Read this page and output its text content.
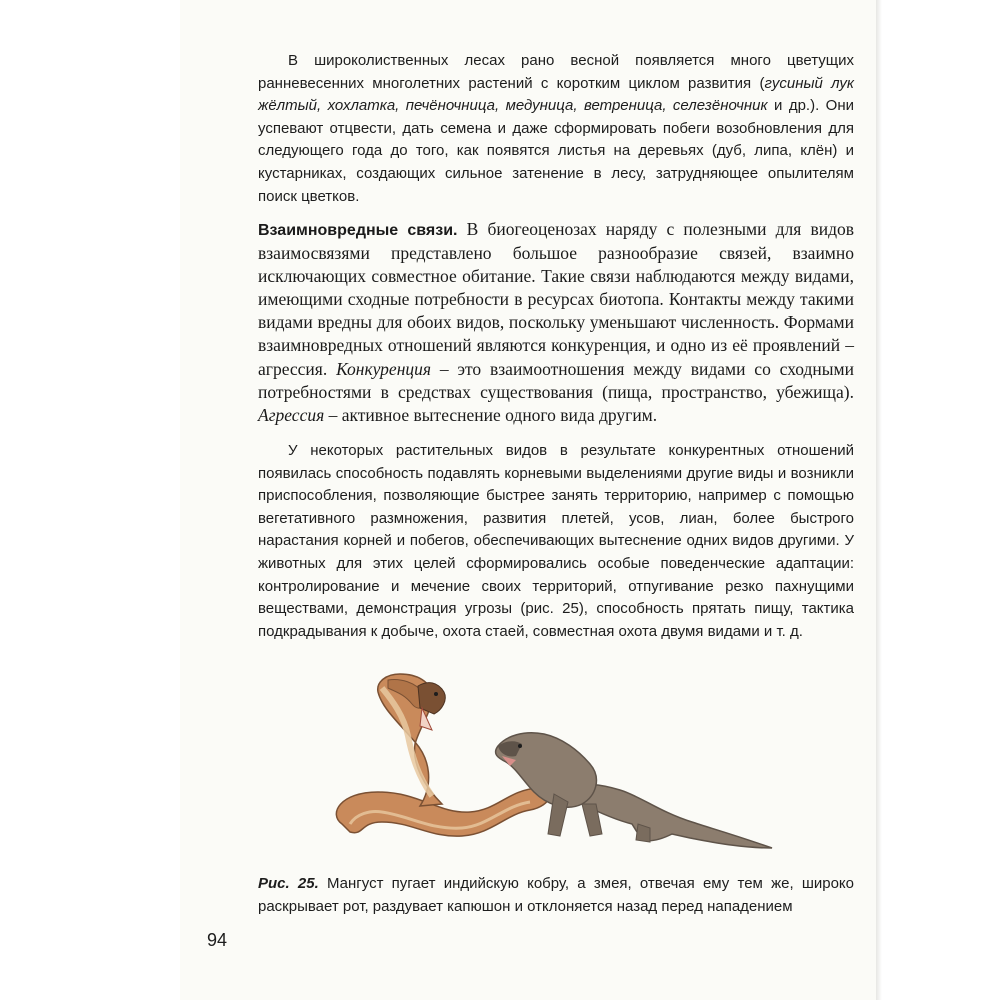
В широколиственных лесах рано весной появляется много цветущих ранневесенних многолетних растений с коротким циклом развития (гусиный лук жёлтый, хохлатка, печёночница, медуница, ветреница, селезёночник и др.). Они успевают отцвести, дать семена и даже сформировать побеги возобновления для следующего года до того, как появятся листья на деревьях (дуб, липа, клён) и кустарниках, создающих сильное затенение в лесу, затрудняющее опылителям поиск цветков.

Взаимновредные связи. В биогеоценозах наряду с полезными для видов взаимосвязями представлено большое разнообразие связей, взаимно исключающих совместное обитание. Такие связи наблюдаются между видами, имеющими сходные потребности в ресурсах биотопа. Контакты между такими видами вредны для обоих видов, поскольку уменьшают численность. Формами взаимновредных отношений являются конкуренция, и одно из её проявлений – агрессия. Конкуренция – это взаимоотношения между видами со сходными потребностями в средствах существования (пища, пространство, убежища). Агрессия – активное вытеснение одного вида другим.

У некоторых растительных видов в результате конкурентных отношений появилась способность подавлять корневыми выделениями другие виды и возникли приспособления, позволяющие быстрее занять территорию, например с помощью вегетативного размножения, развития плетей, усов, лиан, более быстрого нарастания корней и побегов, обеспечивающих вытеснение одних видов другими. У животных для этих целей сформировались особые поведенческие адаптации: контролирование и мечение своих территорий, отпугивание резко пахнущими веществами, демонстрация угрозы (рис. 25), способность прятать пищу, тактика подкрадывания к добыче, охота стаей, совместная охота двумя видами и т. д.

Рис. 25. Мангуст пугает индийскую кобру, а змея, отвечая ему тем же, широко раскрывает рот, раздувает капюшон и отклоняется назад перед нападением

94
